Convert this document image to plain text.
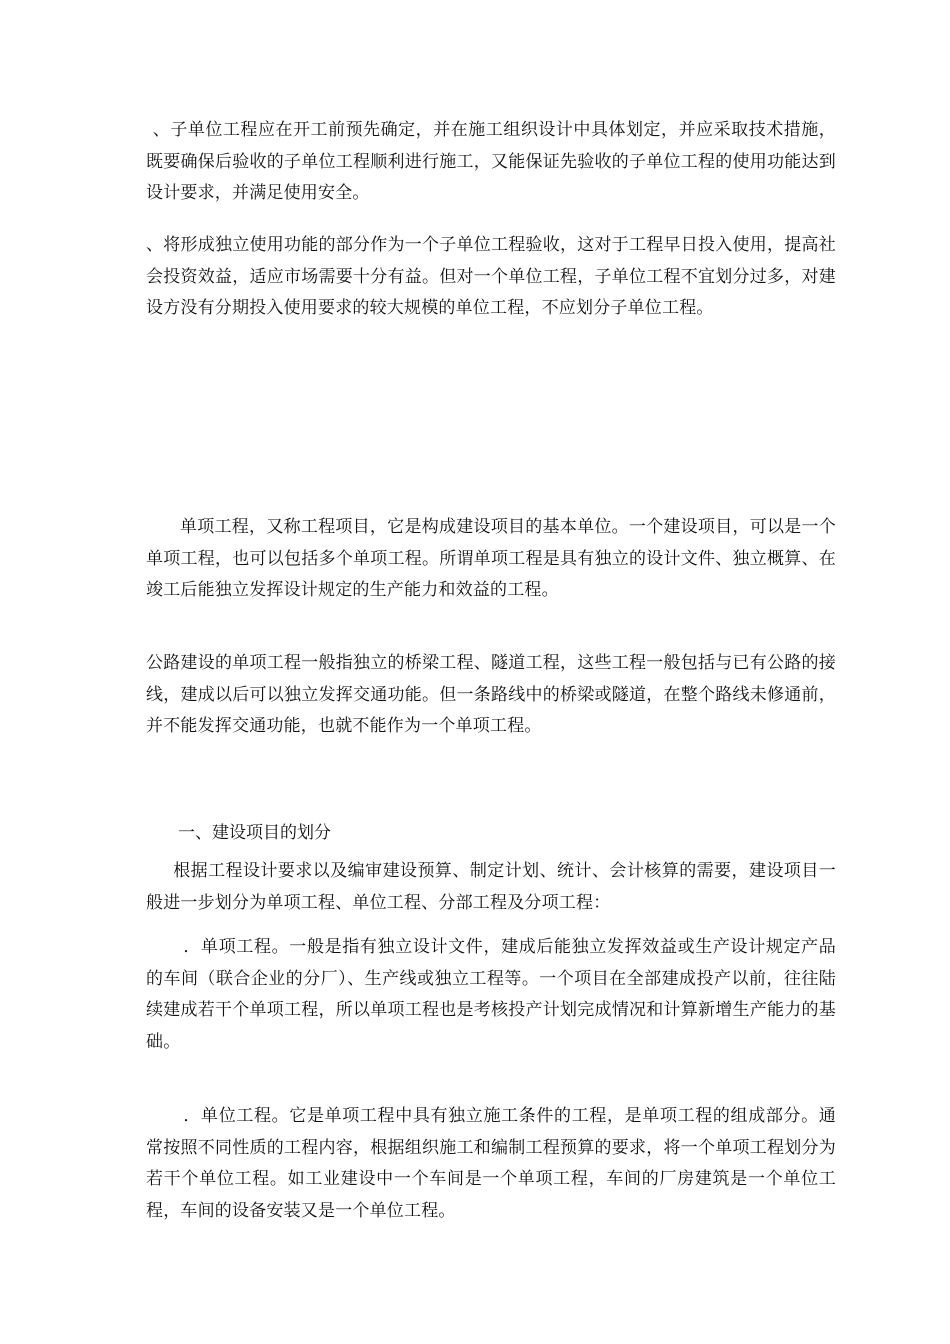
、子单位工程应在开工前预先确定，并在施工组织设计中具体划定，并应采取技术措施，既要确保后验收的子单位工程顺利进行施工，又能保证先验收的子单位工程的使用功能达到设计要求，并满足使用安全。

、将形成独立使用功能的部分作为一个子单位工程验收，这对于工程早日投入使用，提高社会投资效益，适应市场需要十分有益。但对一个单位工程，子单位工程不宜划分过多，对建设方没有分期投入使用要求的较大规模的单位工程，不应划分子单位工程。

单项工程，又称工程项目，它是构成建设项目的基本单位。一个建设项目，可以是一个单项工程，也可以包括多个单项工程。所谓单项工程是具有独立的设计文件、独立概算、在竣工后能独立发挥设计规定的生产能力和效益的工程。

公路建设的单项工程一般指独立的桥梁工程、隧道工程，这些工程一般包括与已有公路的接线，建成以后可以独立发挥交通功能。但一条路线中的桥梁或隧道，在整个路线未修通前，并不能发挥交通功能，也就不能作为一个单项工程。

一、建设项目的划分

根据工程设计要求以及编审建设预算、制定计划、统计、会计核算的需要，建设项目一般进一步划分为单项工程、单位工程、分部工程及分项工程：

．单项工程。一般是指有独立设计文件，建成后能独立发挥效益或生产设计规定产品的车间（联合企业的分厂）、生产线或独立工程等。一个项目在全部建成投产以前，往往陆续建成若干个单项工程，所以单项工程也是考核投产计划完成情况和计算新增生产能力的基础。

．单位工程。它是单项工程中具有独立施工条件的工程，是单项工程的组成部分。通常按照不同性质的工程内容，根据组织施工和编制工程预算的要求，将一个单项工程划分为若干个单位工程。如工业建设中一个车间是一个单项工程，车间的厂房建筑是一个单位工程，车间的设备安装又是一个单位工程。
